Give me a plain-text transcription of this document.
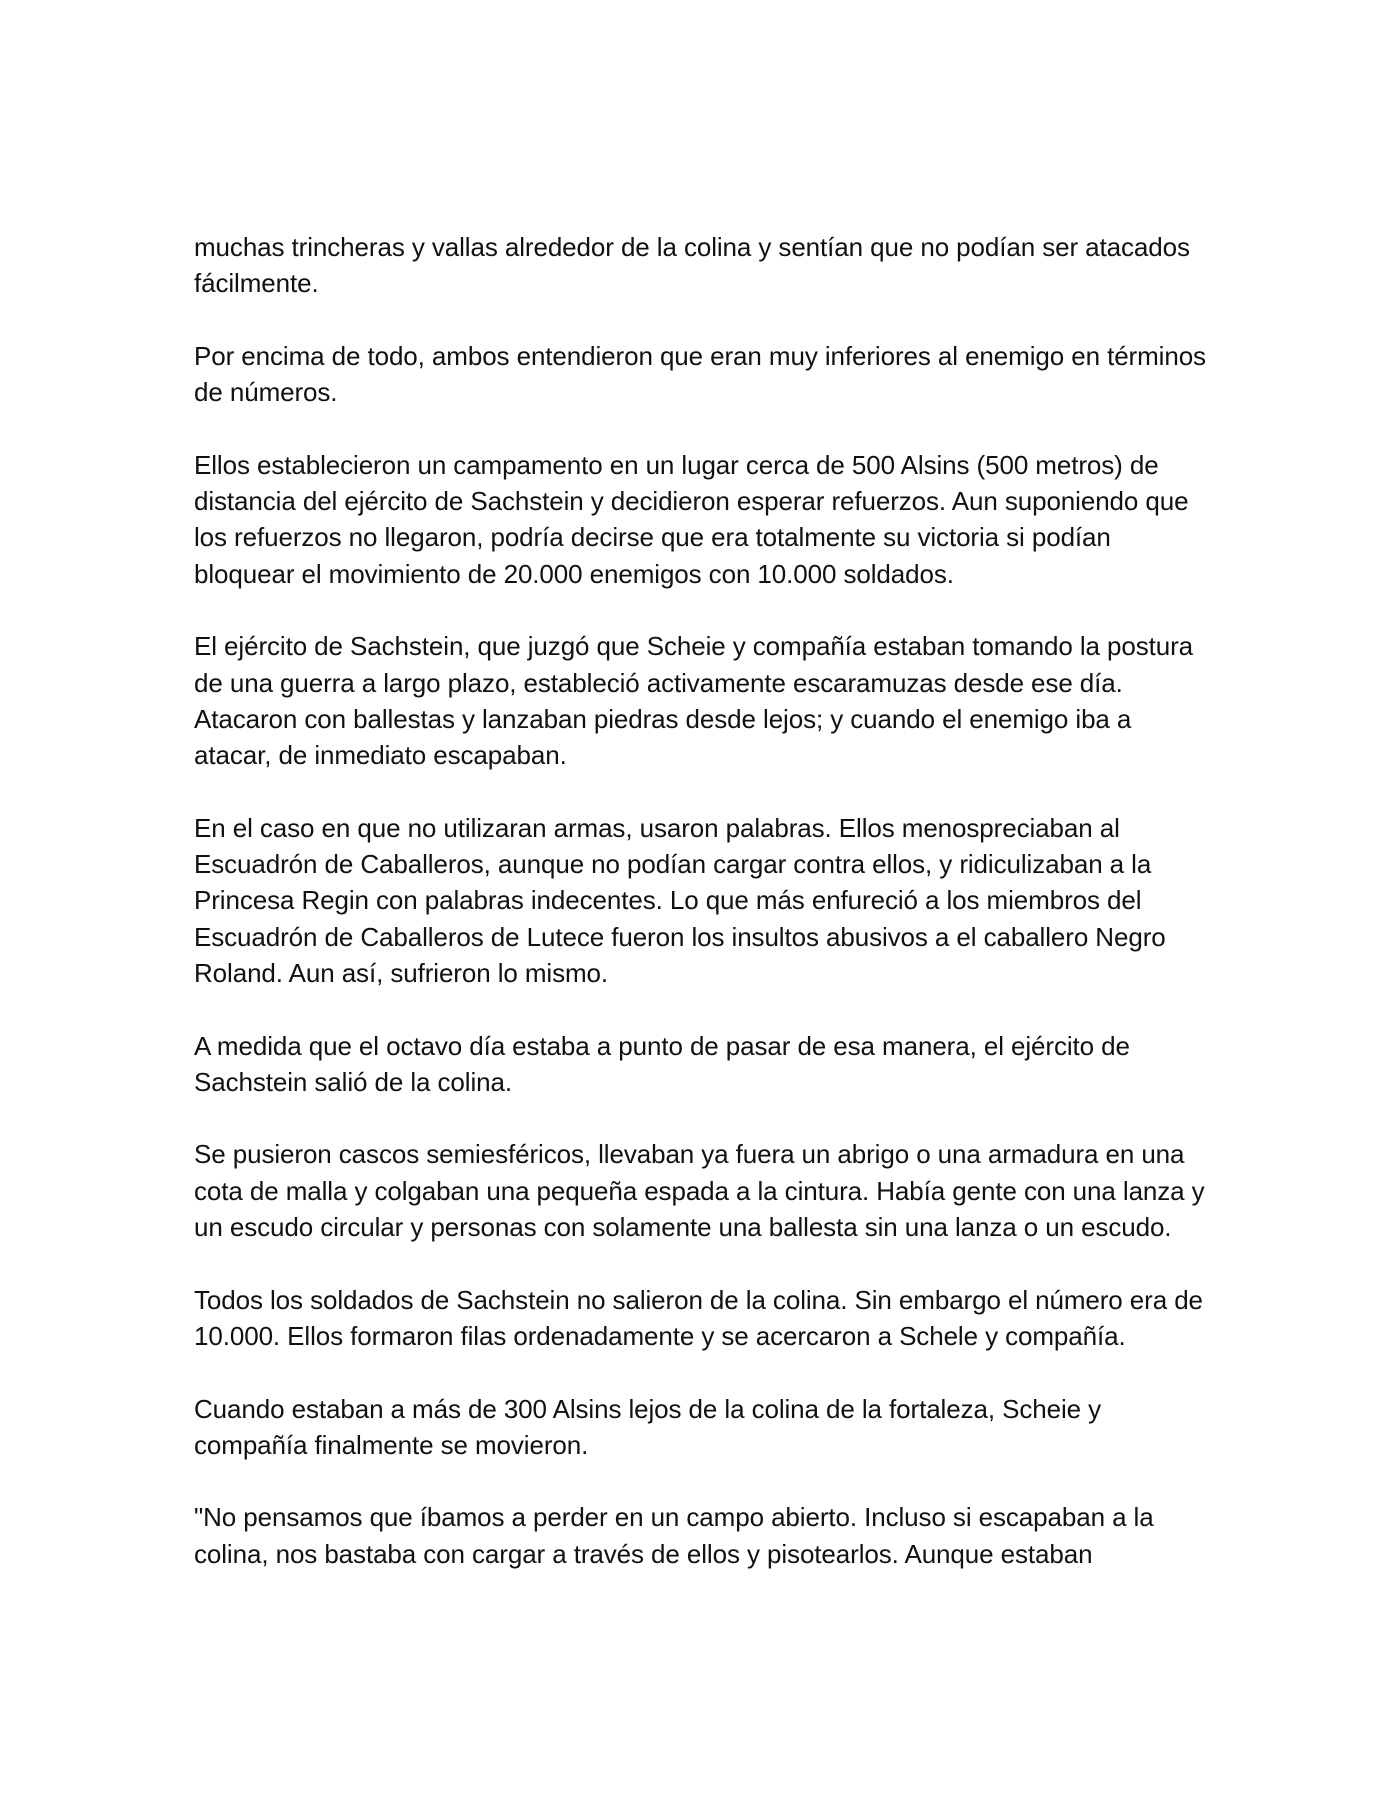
muchas trincheras y vallas alrededor de la colina y sentían que no podían ser atacados fácilmente.

Por encima de todo, ambos entendieron que eran muy inferiores al enemigo en términos de números.

Ellos establecieron un campamento en un lugar cerca de 500 Alsins (500 metros) de distancia del ejército de Sachstein y decidieron esperar refuerzos. Aun suponiendo que los refuerzos no llegaron, podría decirse que era totalmente su victoria si podían bloquear el movimiento de 20.000 enemigos con 10.000 soldados.

El ejército de Sachstein, que juzgó que Scheie y compañía estaban tomando la postura de una guerra a largo plazo, estableció activamente escaramuzas desde ese día. Atacaron con ballestas y lanzaban piedras desde lejos; y cuando el enemigo iba a atacar, de inmediato escapaban.

En el caso en que no utilizaran armas, usaron palabras. Ellos menospreciaban al Escuadrón de Caballeros, aunque no podían cargar contra ellos, y ridiculizaban a la Princesa Regin con palabras indecentes. Lo que más enfureció a los miembros del Escuadrón de Caballeros de Lutece fueron los insultos abusivos a el caballero Negro Roland. Aun así, sufrieron lo mismo.

A medida que el octavo día estaba a punto de pasar de esa manera, el ejército de Sachstein salió de la colina.

Se pusieron cascos semiesféricos, llevaban ya fuera un abrigo o una armadura en una cota de malla y colgaban una pequeña espada a la cintura. Había gente con una lanza y un escudo circular y personas con solamente una ballesta sin una lanza o un escudo.

Todos los soldados de Sachstein no salieron de la colina. Sin embargo el número era de 10.000. Ellos formaron filas ordenadamente y se acercaron a Schele y compañía.

Cuando estaban a más de 300 Alsins lejos de la colina de la fortaleza, Scheie y compañía finalmente se movieron.

"No pensamos que íbamos a perder en un campo abierto. Incluso si escapaban a la colina, nos bastaba con cargar a través de ellos y pisotearlos. Aunque estaban
